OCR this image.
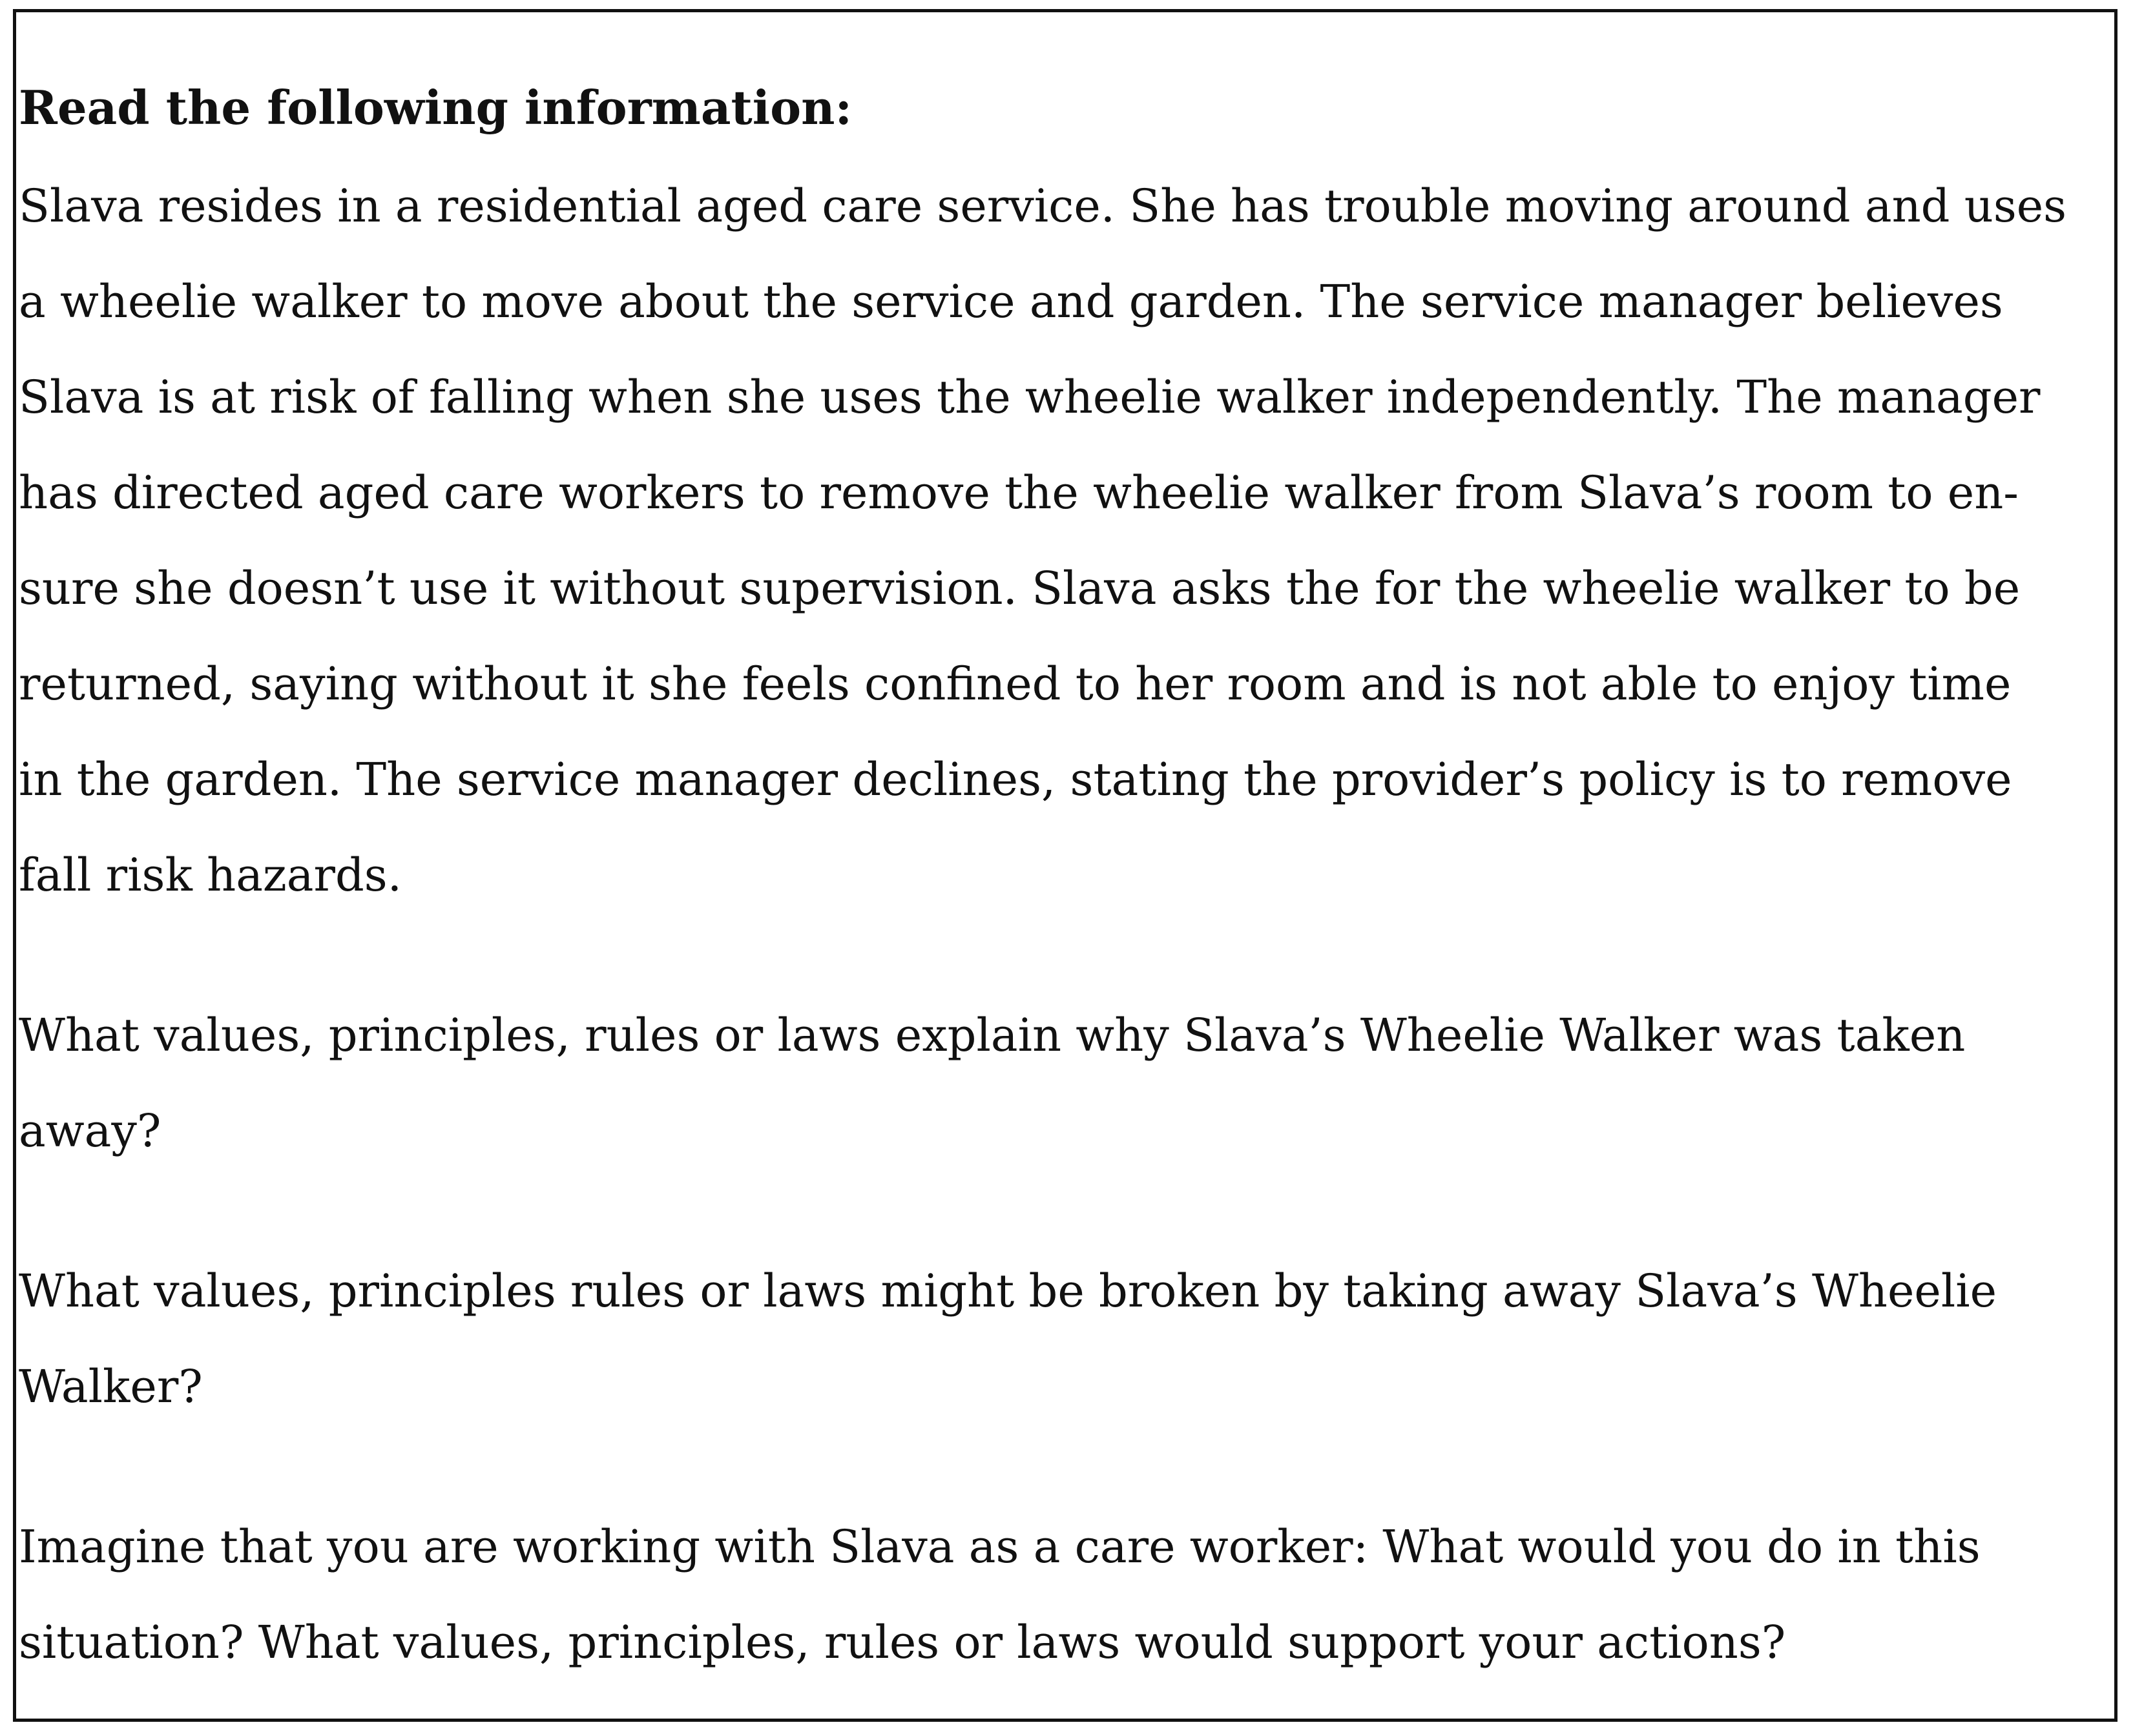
Read the following information:
Slava resides in a residential aged care service. She has trouble moving around and uses
a wheelie walker to move about the service and garden. The service manager believes
Slava is at risk of falling when she uses the wheelie walker independently. The manager
has directed aged care workers to remove the wheelie walker from Slava’s room to en-
sure she doesn’t use it without supervision. Slava asks the for the wheelie walker to be
returned, saying without it she feels confined to her room and is not able to enjoy time
in the garden. The service manager declines, stating the provider’s policy is to remove
fall risk hazards.
What values, principles, rules or laws explain why Slava’s Wheelie Walker was taken
away?
What values, principles rules or laws might be broken by taking away Slava’s Wheelie
Walker?
Imagine that you are working with Slava as a care worker: What would you do in this
situation? What values, principles, rules or laws would support your actions?
